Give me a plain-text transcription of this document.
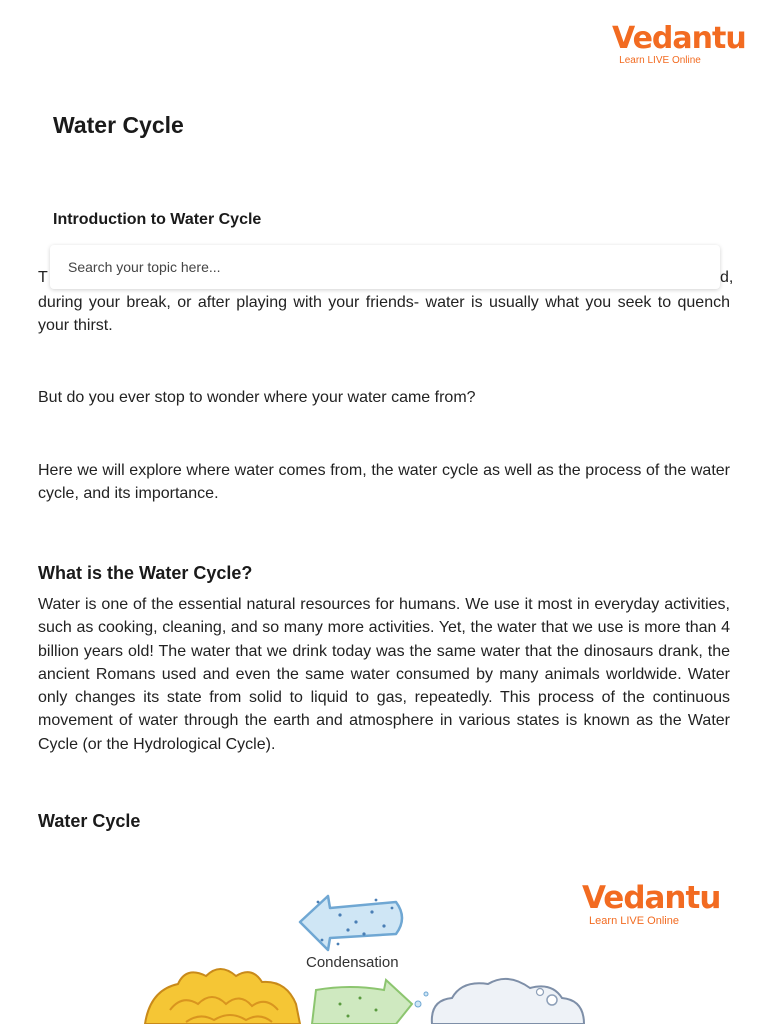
Vedantu
Learn LIVE Online
Water Cycle
Introduction to Water Cycle
T	d,
Search your topic here...

during your break, or after playing with your friends- water is usually what you seek to quench your thirst.

But do you ever stop to wonder where your water came from?

Here we will explore where water comes from, the water cycle as well as the process of the water cycle, and its importance.

What is the Water Cycle?

Water is one of the essential natural resources for humans. We use it most in everyday activities, such as cooking, cleaning, and so many more activities. Yet, the water that we use is more than 4 billion years old! The water that we drink today was the same water that the dinosaurs drank, the ancient Romans used and even the same water consumed by many animals worldwide. Water only changes its state from solid to liquid to gas, repeatedly. This process of the continuous movement of water through the earth and atmosphere in various states is known as the Water Cycle (or the Hydrological Cycle).

Water Cycle
Condensation
Vedantu
Learn LIVE Online
